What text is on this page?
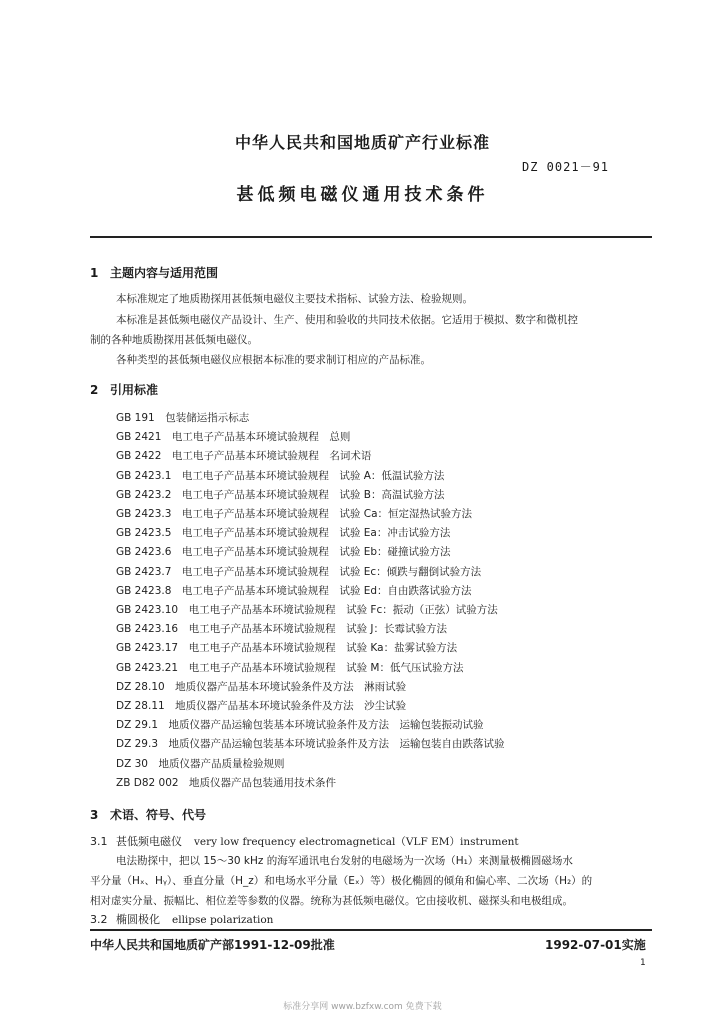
中华人民共和国地质矿产行业标准
DZ 0021－91
甚低频电磁仪通用技术条件
1 主题内容与适用范围
本标准规定了地质勘探用甚低频电磁仪主要技术指标、试验方法、检验规则。
本标准是甚低频电磁仪产品设计、生产、使用和验收的共同技术依据。它适用于模拟、数字和微机控
制的各种地质勘探用甚低频电磁仪。
各种类型的甚低频电磁仪应根据本标准的要求制订相应的产品标准。
2 引用标准
GB 191　包装储运指示标志
GB 2421　电工电子产品基本环境试验规程　总则
GB 2422　电工电子产品基本环境试验规程　名词术语
GB 2423.1　电工电子产品基本环境试验规程　试验 A：低温试验方法
GB 2423.2　电工电子产品基本环境试验规程　试验 B：高温试验方法
GB 2423.3　电工电子产品基本环境试验规程　试验 Ca：恒定湿热试验方法
GB 2423.5　电工电子产品基本环境试验规程　试验 Ea：冲击试验方法
GB 2423.6　电工电子产品基本环境试验规程　试验 Eb：碰撞试验方法
GB 2423.7　电工电子产品基本环境试验规程　试验 Ec：倾跌与翻倒试验方法
GB 2423.8　电工电子产品基本环境试验规程　试验 Ed：自由跌落试验方法
GB 2423.10　电工电子产品基本环境试验规程　试验 Fc：振动（正弦）试验方法
GB 2423.16　电工电子产品基本环境试验规程　试验 J：长霉试验方法
GB 2423.17　电工电子产品基本环境试验规程　试验 Ka：盐雾试验方法
GB 2423.21　电工电子产品基本环境试验规程　试验 M：低气压试验方法
DZ 28.10　地质仪器产品基本环境试验条件及方法　淋雨试验
DZ 28.11　地质仪器产品基本环境试验条件及方法　沙尘试验
DZ 29.1　地质仪器产品运输包装基本环境试验条件及方法　运输包装振动试验
DZ 29.3　地质仪器产品运输包装基本环境试验条件及方法　运输包装自由跌落试验
DZ 30　地质仪器产品质量检验规则
ZB D82 002　地质仪器产品包装通用技术条件
3 术语、符号、代号
3.1 甚低频电磁仪 very low frequency electromagnetical（VLF EM）instrument
电法勘探中，把以 15～30 kHz 的海军通讯电台发射的电磁场为一次场（H₁）来测量极椭圆磁场水
平分量（Hₓ、Hᵧ）、垂直分量（H_z）和电场水平分量（Eₓ）等）极化椭圆的倾角和偏心率、二次场（H₂）的
相对虚实分量、振幅比、相位差等参数的仪器。统称为甚低频电磁仪。它由接收机、磁探头和电极组成。
3.2 椭圆极化 ellipse polarization
中华人民共和国地质矿产部1991-12-09批准	1992-07-01实施
1
标准分享网 www.bzfxw.com 免费下载
